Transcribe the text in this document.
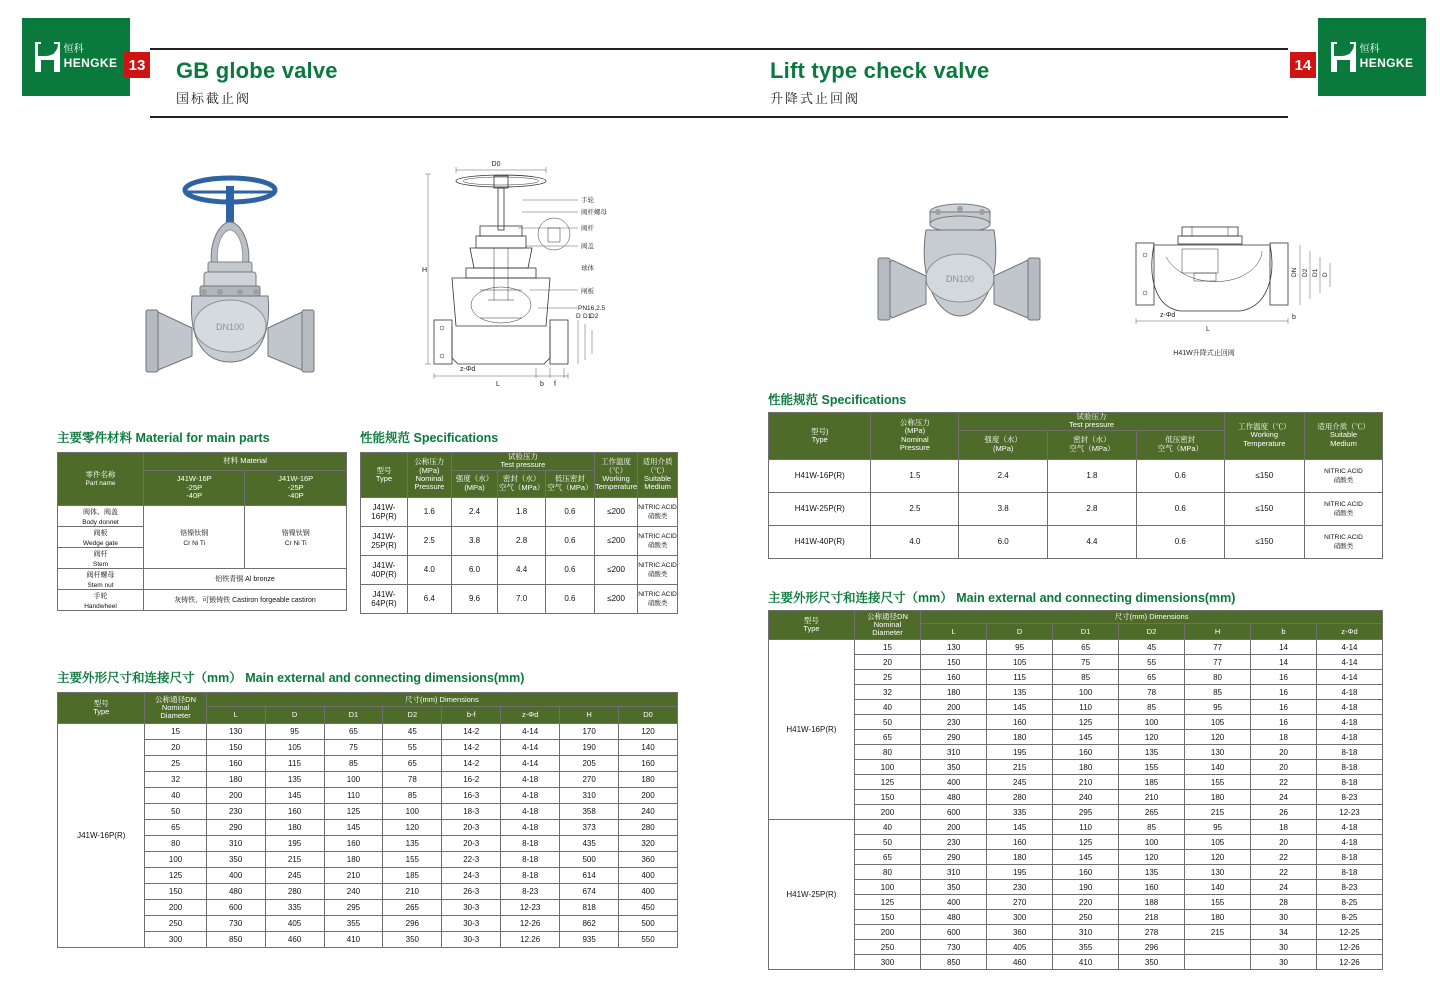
恒科
HENGKE 13 GB globe valve
国标截止阀
Lift type check valve
升降式止回阀
14
恒科
HENGKE
DN100
D0
L	b f
H
z-Φd
D D1
D2
手轮
阀杆螺母
阀杆
阀盖
球体
闸板
PN16,2.5
主要零件材料 Material for main parts
零件名称
Part name	材料 Material	
	J41W-16P
-25P
-40P	J41W-16P
-25P
-40P
阀体、阀盖
Body donnet	铬镍钛钢
Cr Ni Ti	铬镍钛钢
Cr Ni Ti
阀板
Wedge gate		
阀杆
Stem		
阀杆螺母
Stem nut	铝铁青铜 Al bronze	
手轮
Handwheel	灰铸铁、可锻铸铁 Castiron forgeable castiron	
性能规范 Specifications
型号
Type	公称压力
(MPa)
Nominal
Pressure	试验压力
Test pressure			工作温度
（℃）
Working
Temperature	适用介质
（℃）
Suitable
Medium
		强度（水）
(MPa)	密封（水）
空气（MPa）	低压密封
空气（MPa）		
J41W-16P(R)	1.6	2.4	1.8	0.6	≤200	NITRIC ACID
硝酸类
J41W-25P(R)	2.5	3.8	2.8	0.6	≤200	NITRIC ACID
硝酸类
J41W-40P(R)	4.0	6.0	4.4	0.6	≤200	NITRIC ACID
硝酸类
J41W-64P(R)	6.4	9.6	7.0	0.6	≤200	NITRIC ACID
硝酸类
主要外形尺寸和连接尺寸（mm） Main external and connecting dimensions(mm)
型号
Type	公称通径DN
Nominal
Diameter	尺寸(mm) Dimensions							
		L	D	D1	D2	b-f	z-Φd	H	D0
J41W-16P(R)	15	130	95	65	45	14-2	4-14	170	120
	20	150	105	75	55	14-2	4-14	190	140
	25	160	115	85	65	14-2	4-14	205	160
	32	180	135	100	78	16-2	4-18	270	180
	40	200	145	110	85	16-3	4-18	310	200
	50	230	160	125	100	18-3	4-18	358	240
	65	290	180	145	120	20-3	4-18	373	280
	80	310	195	160	135	20-3	8-18	435	320
	100	350	215	180	155	22-3	8-18	500	360
	125	400	245	210	185	24-3	8-18	614	400
	150	480	280	240	210	26-3	8-23	674	400
	200	600	335	295	265	30-3	12-23	818	450
	250	730	405	355	296	30-3	12-26	862	500
	300	850	460	410	350	30-3	12.26	935	550
DN100
L
z-Φd	b
DN D2 D1 D
H41W升降式止回阀
性能规范 Specifications
型号)
Type	公称压力
(MPa)
Nominal
Pressure	试验压力
Test pressure			工作温度（℃）
Working
Temperature	适用介质（℃）
Suitable
Medium
		强度（水）
(MPa)	密封（水）
空气（MPa）	低压密封
空气（MPa）		
H41W-16P(R)	1.5	2.4	1.8	0.6	≤150	NITRIC ACID
硝酸类
H41W-25P(R)	2.5	3.8	2.8	0.6	≤150	NITRIC ACID
硝酸类
H41W-40P(R)	4.0	6.0	4.4	0.6	≤150	NITRIC ACID
硝酸类
主要外形尺寸和连接尺寸（mm） Main external and connecting dimensions(mm)
型号
Type	公称通径DN
Nominal
Diameter	尺寸(mm) Dimensions						
		L	D	D1	D2	H	b	z-Φd
H41W-16P(R)	15	130	95	65	45	77	14	4-14
	20	150	105	75	55	77	14	4-14
	25	160	115	85	65	80	16	4-14
	32	180	135	100	78	85	16	4-18
	40	200	145	110	85	95	16	4-18
	50	230	160	125	100	105	16	4-18
	65	290	180	145	120	120	18	4-18
	80	310	195	160	135	130	20	8-18
	100	350	215	180	155	140	20	8-18
	125	400	245	210	185	155	22	8-18
	150	480	280	240	210	180	24	8-23
	200	600	335	295	265	215	26	12-23
H41W-25P(R)	40	200	145	110	85	95	18	4-18
	50	230	160	125	100	105	20	4-18
	65	290	180	145	120	120	22	8-18
	80	310	195	160	135	130	22	8-18
	100	350	230	190	160	140	24	8-23
	125	400	270	220	188	155	28	8-25
	150	480	300	250	218	180	30	8-25
	200	600	360	310	278	215	34	12-25
	250	730	405	355	296		30	12-26
	300	850	460	410	350		30	12-26
